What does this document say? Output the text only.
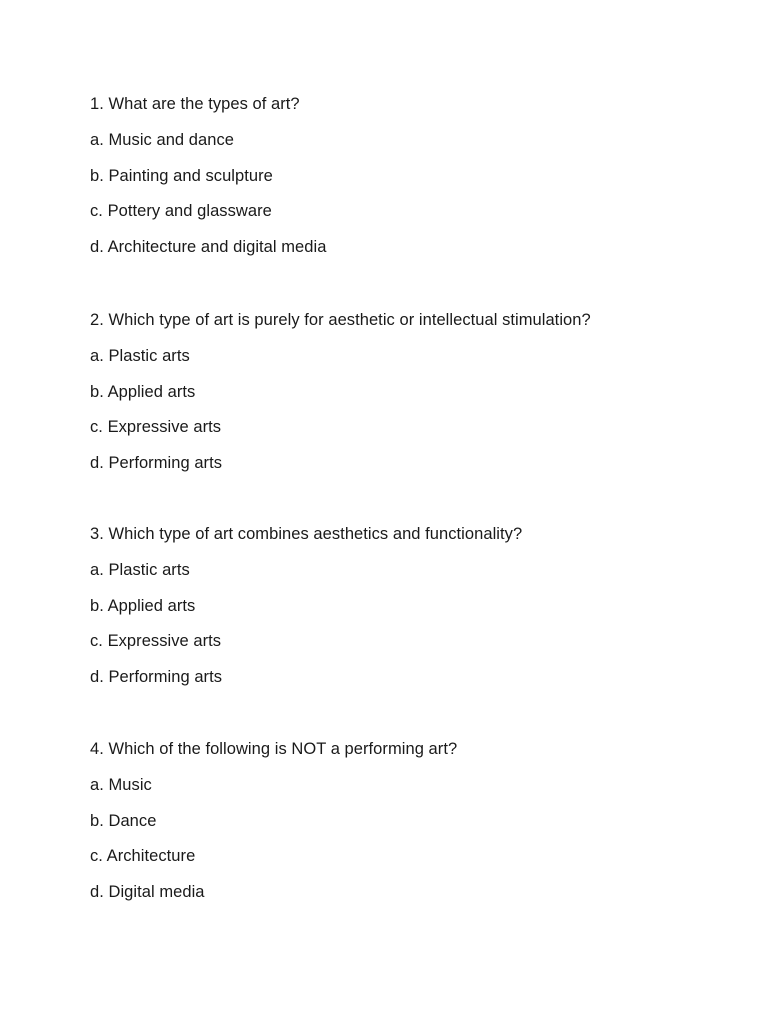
1. What are the types of art?
a. Music and dance
b. Painting and sculpture
c. Pottery and glassware
d. Architecture and digital media
2. Which type of art is purely for aesthetic or intellectual stimulation?
a. Plastic arts
b. Applied arts
c. Expressive arts
d. Performing arts
3. Which type of art combines aesthetics and functionality?
a. Plastic arts
b. Applied arts
c. Expressive arts
d. Performing arts
4. Which of the following is NOT a performing art?
a. Music
b. Dance
c. Architecture
d. Digital media
